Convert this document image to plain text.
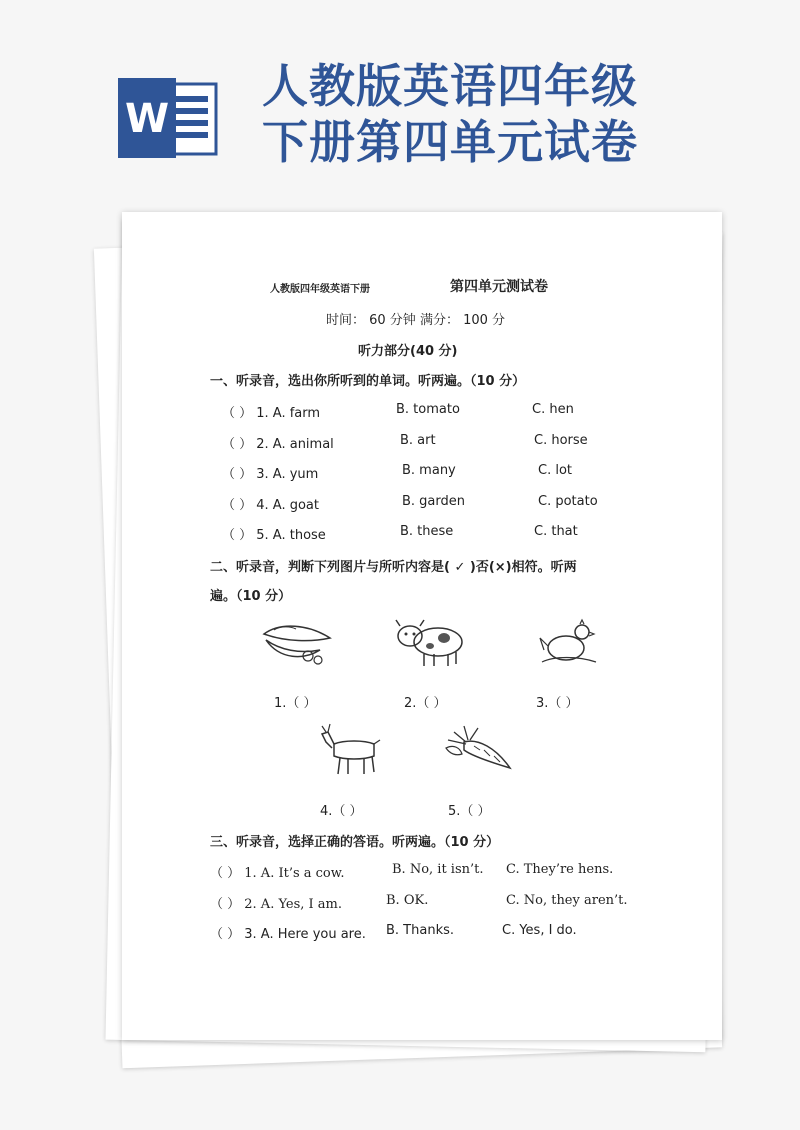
W
人教版英语四年级
下册第四单元试卷
人教版四年级英语下册	第四单元测试卷
时间： 60 分钟 满分： 100 分
听力部分(40 分)
一、听录音，选出你所听到的单词。听两遍。（10 分）
（ ） 1. A. farm	B. tomato	C. hen
（ ） 2. A. animal	B. art	C. horse
（ ） 3. A. yum	B. many	C. lot
（ ） 4. A. goat	B. garden	C. potato
（ ） 5. A. those	B. these	C. that
二、听录音，判断下列图片与所听内容是( ✓ )否(×)相符。听两
遍。（10 分）
1.（ ）	2.（ ）	3.（ ）
4.（ ）	5.（ ）
三、听录音，选择正确的答语。听两遍。（10 分）
（ ） 1. A. It’s a cow.	B. No, it isn’t. C. They’re hens.
（ ） 2. A. Yes, I am.	B. OK.	C. No, they aren’t.
（ ） 3. A. Here you are. B. Thanks.	C. Yes, I do.
